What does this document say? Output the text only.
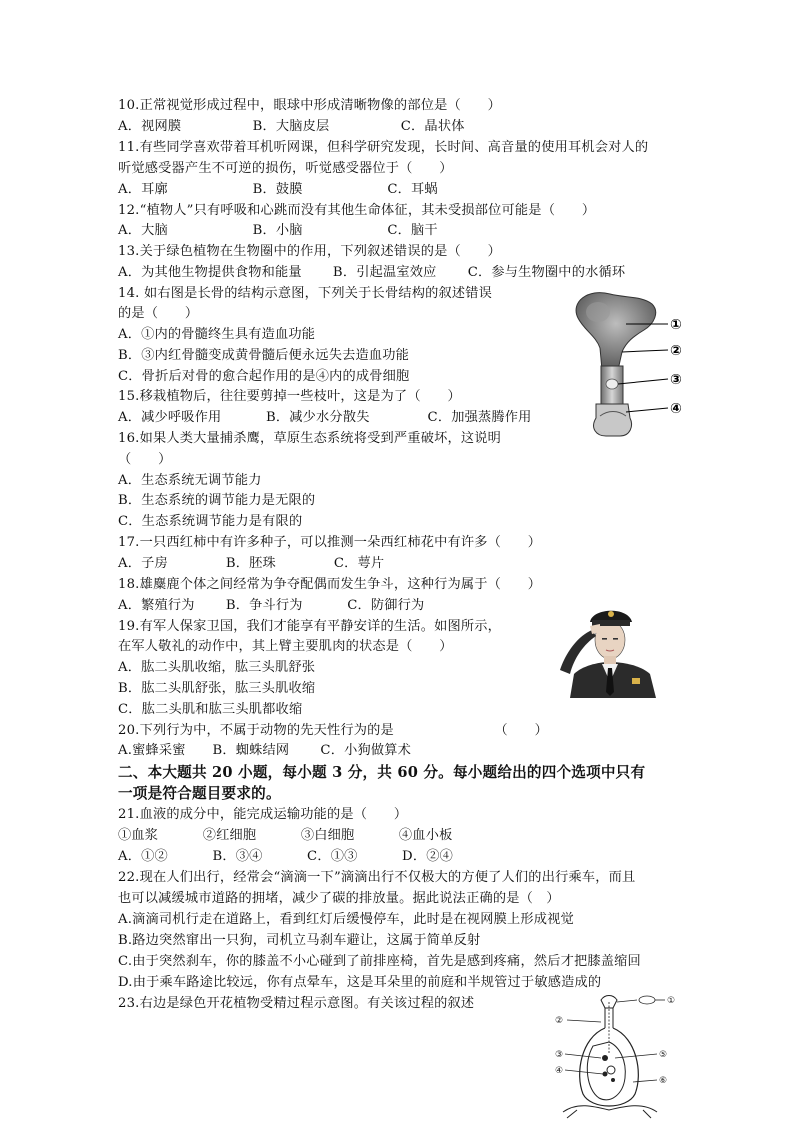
10.正常视觉形成过程中，眼球中形成清晰物像的部位是（　　）
A．视网膜　　　　　 B．大脑皮层　　　　　 C．晶状体
11.有些同学喜欢带着耳机听网课，但科学研究发现，长时间、高音量的使用耳机会对人的
听觉感受器产生不可逆的损伤，听觉感受器位于（　　）
A．耳廓　　　　　　 B．鼓膜　　　　　　 C．耳蜗
12.“植物人”只有呼吸和心跳而没有其他生命体征，其未受损部位可能是（　　）
A．大脑　　　　　　 B．小脑　　　　　　 C．脑干
13.关于绿色植物在生物圈中的作用，下列叙述错误的是（　　）
A．为其他生物提供食物和能量　　 B．引起温室效应　　 C．参与生物圈中的水循环
14. 如右图是长骨的结构示意图，下列关于长骨结构的叙述错误
的是（　　）
A．①内的骨髓终生具有造血功能
B．③内红骨髓变成黄骨髓后便永远失去造血功能
C．骨折后对骨的愈合起作用的是④内的成骨细胞
15.移栽植物后，往往要剪掉一些枝叶，这是为了（　　）
A．减少呼吸作用　　　 B．减少水分散失　　　　 C．加强蒸腾作用
16.如果人类大量捕杀鹰，草原生态系统将受到严重破坏，这说明
（　　）
A．生态系统无调节能力
B．生态系统的调节能力是无限的
C．生态系统调节能力是有限的
17.一只西红柿中有许多种子，可以推测一朵西红柿花中有许多（　　）
A．子房　　　　 B．胚珠　　　　 C．萼片
18.雄麋鹿个体之间经常为争夺配偶而发生争斗，这种行为属于（　　）
A．繁殖行为　　 B．争斗行为　　　 C．防御行为
19.有军人保家卫国，我们才能享有平静安详的生活。如图所示，
在军人敬礼的动作中，其上臂主要肌肉的状态是（　　）
A．肱二头肌收缩，肱三头肌舒张
B．肱二头肌舒张，肱三头肌收缩
C．肱二头肌和肱三头肌都收缩
20.下列行为中，不属于动物的先天性行为的是　　　　　　　　（　　）
A.蜜蜂采蜜　　B．蜘蛛结网　　 C．小狗做算术
二、本大题共 20 小题，每小题 3 分，共 60 分。每小题给出的四个选项中只有
一项是符合题目要求的。
21.血液的成分中，能完成运输功能的是（　　）
①血浆　　　 ②红细胞　　　 ③白细胞　　　 ④血小板
A．①②　　　 B．③④　　　 C．①③　　　 D．②④
22.现在人们出行，经常会“滴滴一下”滴滴出行不仅极大的方便了人们的出行乘车，而且
也可以减缓城市道路的拥堵，减少了碳的排放量。据此说法正确的是（　）
A.滴滴司机行走在道路上，看到红灯后缓慢停车，此时是在视网膜上形成视觉
B.路边突然窜出一只狗，司机立马刹车避让，这属于简单反射
C.由于突然刹车，你的膝盖不小心碰到了前排座椅，首先是感到疼痛，然后才把膝盖缩回
D.由于乘车路途比较远，你有点晕车，这是耳朵里的前庭和半规管过于敏感造成的
23.右边是绿色开花植物受精过程示意图。有关该过程的叙述
①
②
③
④
①
②
③
④
⑤
⑥
